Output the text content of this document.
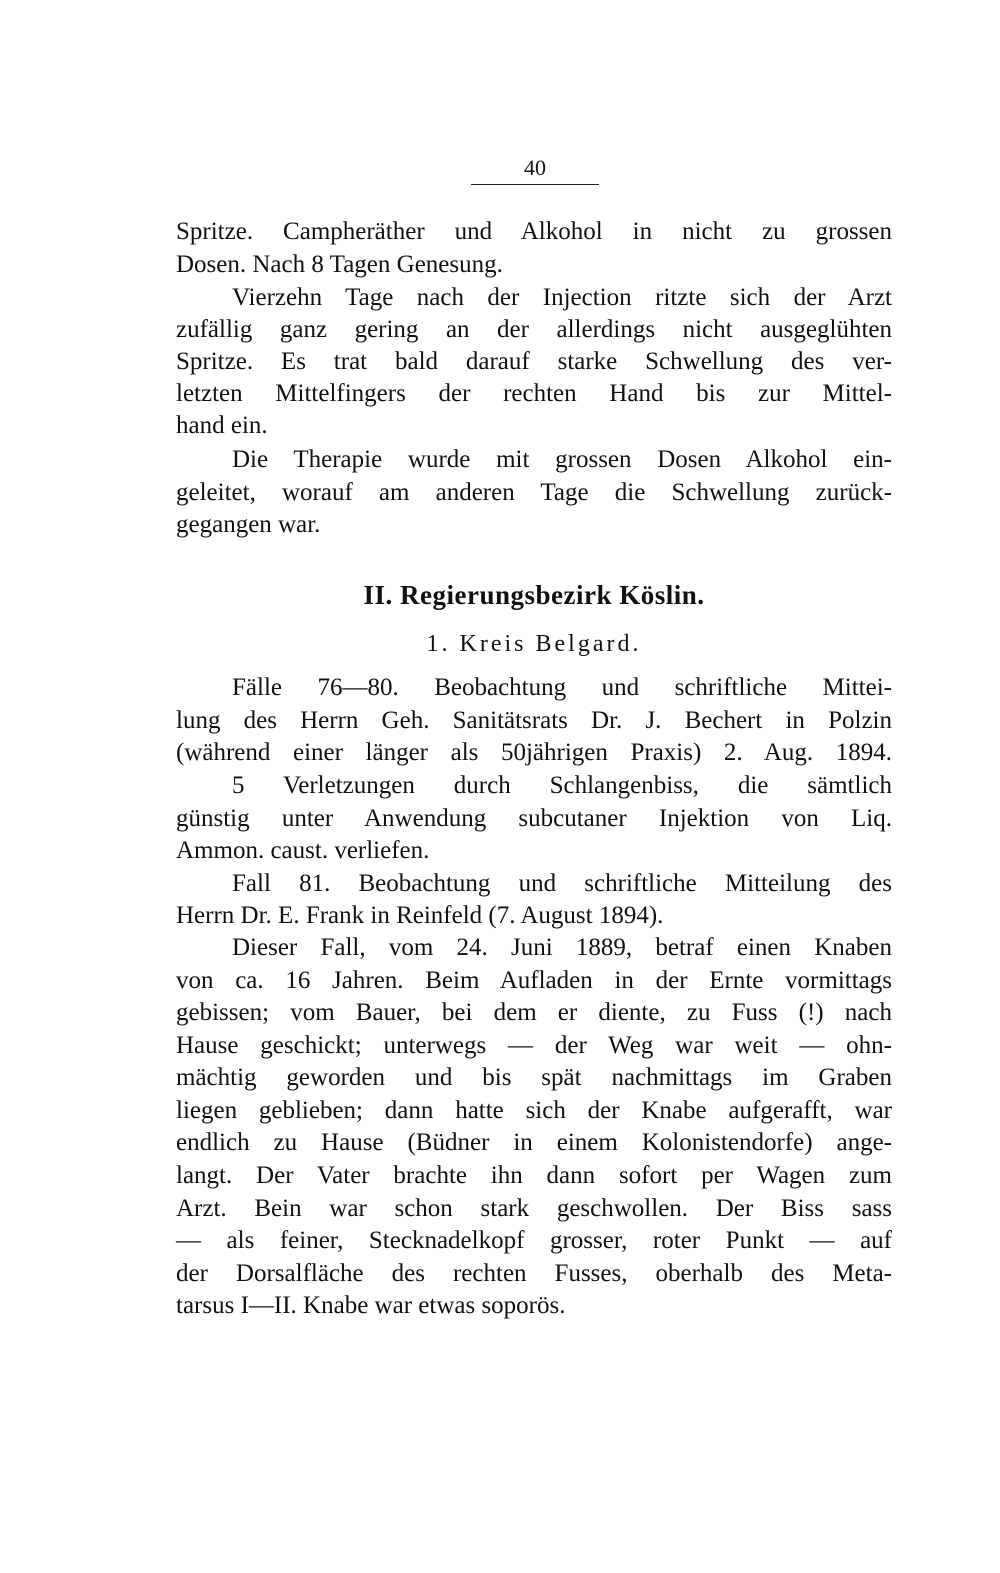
40
Spritze. Campheräther und Alkohol in nicht zu grossen
Dosen. Nach 8 Tagen Genesung.
Vierzehn Tage nach der Injection ritzte sich der Arzt
zufällig ganz gering an der allerdings nicht ausgeglühten
Spritze. Es trat bald darauf starke Schwellung des ver-
letzten Mittelfingers der rechten Hand bis zur Mittel-
hand ein.
Die Therapie wurde mit grossen Dosen Alkohol ein-
geleitet, worauf am anderen Tage die Schwellung zurück-
gegangen war.
II. Regierungsbezirk Köslin.
1. Kreis Belgard.
Fälle 76—80. Beobachtung und schriftliche Mittei-
lung des Herrn Geh. Sanitätsrats Dr. J. Bechert in Polzin
(während einer länger als 50jährigen Praxis) 2. Aug. 1894.
5 Verletzungen durch Schlangenbiss, die sämtlich
günstig unter Anwendung subcutaner Injektion von Liq.
Ammon. caust. verliefen.
Fall 81. Beobachtung und schriftliche Mitteilung des
Herrn Dr. E. Frank in Reinfeld (7. August 1894).
Dieser Fall, vom 24. Juni 1889, betraf einen Knaben
von ca. 16 Jahren. Beim Aufladen in der Ernte vormittags
gebissen; vom Bauer, bei dem er diente, zu Fuss (!) nach
Hause geschickt; unterwegs — der Weg war weit — ohn-
mächtig geworden und bis spät nachmittags im Graben
liegen geblieben; dann hatte sich der Knabe aufgerafft, war
endlich zu Hause (Büdner in einem Kolonistendorfe) ange-
langt. Der Vater brachte ihn dann sofort per Wagen zum
Arzt. Bein war schon stark geschwollen. Der Biss sass
— als feiner, Stecknadelkopf grosser, roter Punkt — auf
der Dorsalfläche des rechten Fusses, oberhalb des Meta-
tarsus I—II. Knabe war etwas soporös.
